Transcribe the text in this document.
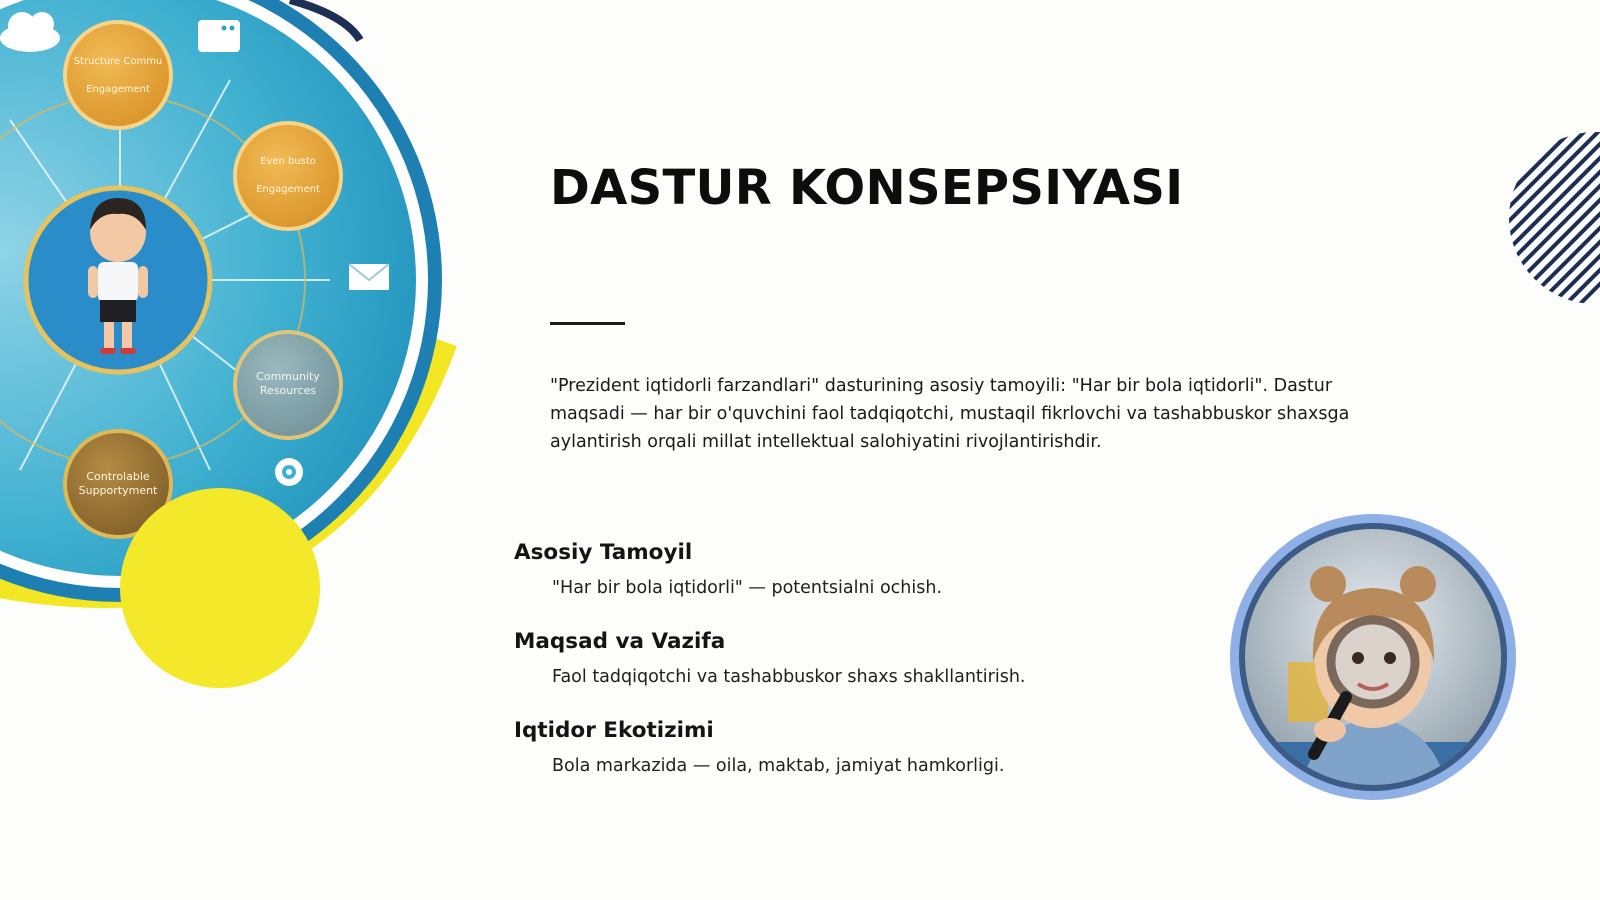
Structure Commu
Engagement
Even busto
Engagement
Community
Resources
Controlable
Supportyment
DASTUR KONSEPSIYASI

"Prezident iqtidorli farzandlari" dasturining asosiy tamoyili: "Har bir bola iqtidorli". Dastur maqsadi — har bir o'quvchini faol tadqiqotchi, mustaqil fikrlovchi va tashabbuskor shaxsga aylantirish orqali millat intellektual salohiyatini rivojlantirishdir.

Asosiy Tamoyil

"Har bir bola iqtidorli" — potentsialni ochish.

Maqsad va Vazifa

Faol tadqiqotchi va tashabbuskor shaxs shakllantirish.

Iqtidor Ekotizimi

Bola markazida — oila, maktab, jamiyat hamkorligi.
